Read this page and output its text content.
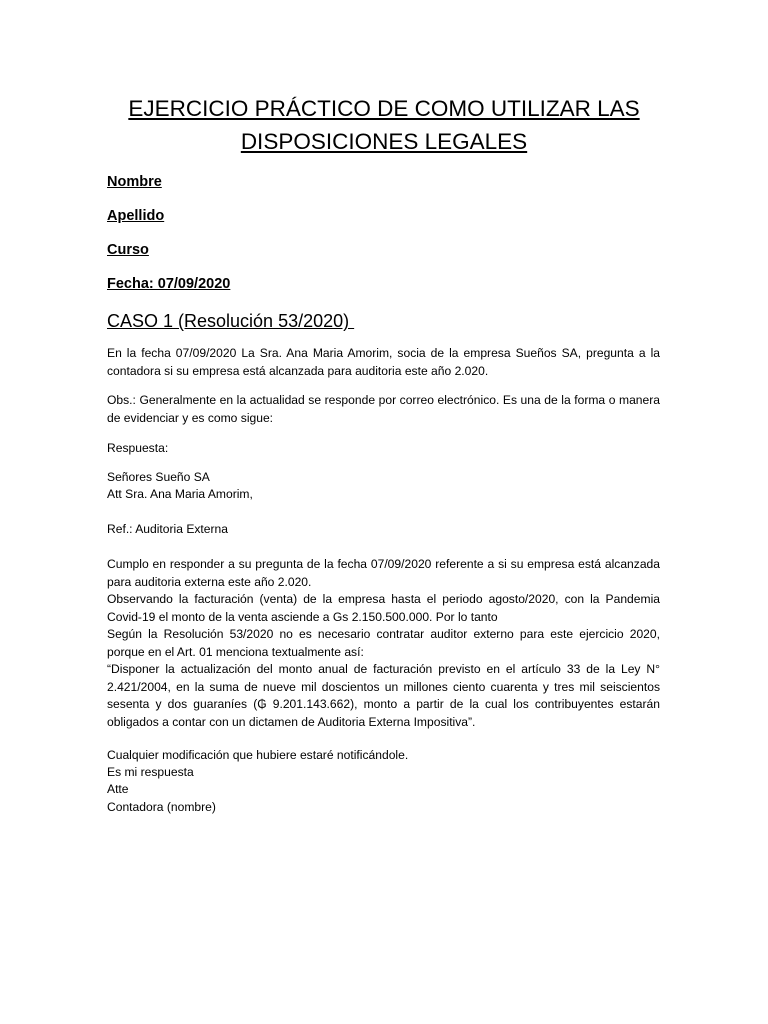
EJERCICIO PRÁCTICO DE COMO UTILIZAR LAS
DISPOSICIONES LEGALES
Nombre
Apellido
Curso
Fecha: 07/09/2020
CASO 1 (Resolución 53/2020)
En la fecha 07/09/2020 La Sra. Ana Maria Amorim, socia de la empresa Sueños SA, pregunta a la contadora si su empresa está alcanzada para auditoria este año 2.020.
Obs.: Generalmente en la actualidad se responde por correo electrónico. Es una de la forma o manera de evidenciar y es como sigue:
Respuesta:
Señores Sueño SA
Att Sra. Ana Maria Amorim,
Ref.: Auditoria Externa
Cumplo en responder a su pregunta de la fecha 07/09/2020 referente a si su empresa está alcanzada para auditoria externa este año 2.020.
Observando la facturación (venta) de la empresa hasta el periodo agosto/2020, con la Pandemia Covid-19 el monto de la venta asciende a Gs 2.150.500.000. Por lo tanto
Según la Resolución 53/2020 no es necesario contratar auditor externo para este ejercicio 2020, porque en el Art. 01 menciona textualmente así:
“Disponer la actualización del monto anual de facturación previsto en el artículo 33 de la Ley N° 2.421/2004, en la suma de nueve mil doscientos un millones ciento cuarenta y tres mil seiscientos sesenta y dos guaraníes (₲ 9.201.143.662), monto a partir de la cual los contribuyentes estarán obligados a contar con un dictamen de Auditoria Externa Impositiva”.
Cualquier modificación que hubiere estaré notificándole.
Es mi respuesta
Atte
Contadora (nombre)
